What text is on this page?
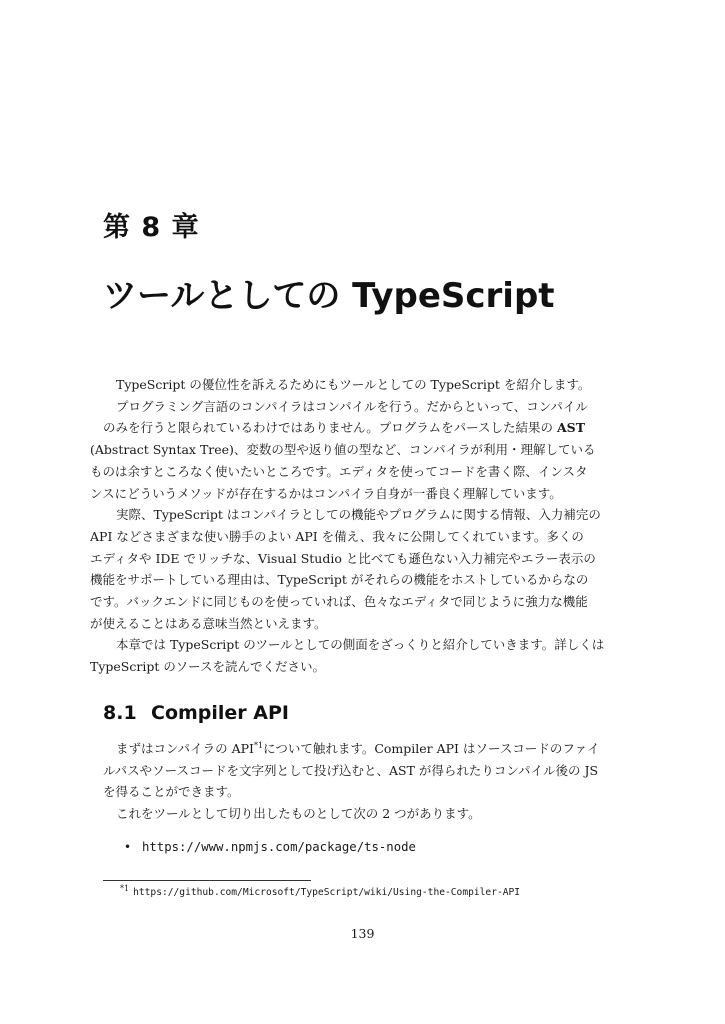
第 8 章
ツールとしての TypeScript

TypeScript の優位性を訴えるためにもツールとしての TypeScript を紹介します。

プログラミング言語のコンパイラはコンパイルを行う。だからといって、コンパイル
のみを行うと限られているわけではありません。プログラムをパースした結果の AST
(Abstract Syntax Tree)、変数の型や返り値の型など、コンパイラが利用・理解している
ものは余すところなく使いたいところです。エディタを使ってコードを書く際、インスタ
ンスにどういうメソッドが存在するかはコンパイラ自身が一番良く理解しています。

実際、TypeScript はコンパイラとしての機能やプログラムに関する情報、入力補完の
API などさまざまな使い勝手のよい API を備え、我々に公開してくれています。多くの
エディタや IDE でリッチな、Visual Studio と比べても遜色ない入力補完やエラー表示の
機能をサポートしている理由は、TypeScript がそれらの機能をホストしているからなの
です。バックエンドに同じものを使っていれば、色々なエディタで同じように強力な機能
が使えることはある意味当然といえます。

本章では TypeScript のツールとしての側面をざっくりと紹介していきます。詳しくは
TypeScript のソースを読んでください。

8.1 Compiler API

まずはコンパイラの API$^{*1}$について触れます。Compiler API はソースコードのファイ
ルパスやソースコードを文字列として投げ込むと、AST が得られたりコンパイル後の JS
を得ることができます。

これをツールとして切り出したものとして次の 2 つがあります。

• https://www.npmjs.com/package/ts-node
$^{*1}$ https://github.com/Microsoft/TypeScript/wiki/Using-the-Compiler-API
139
